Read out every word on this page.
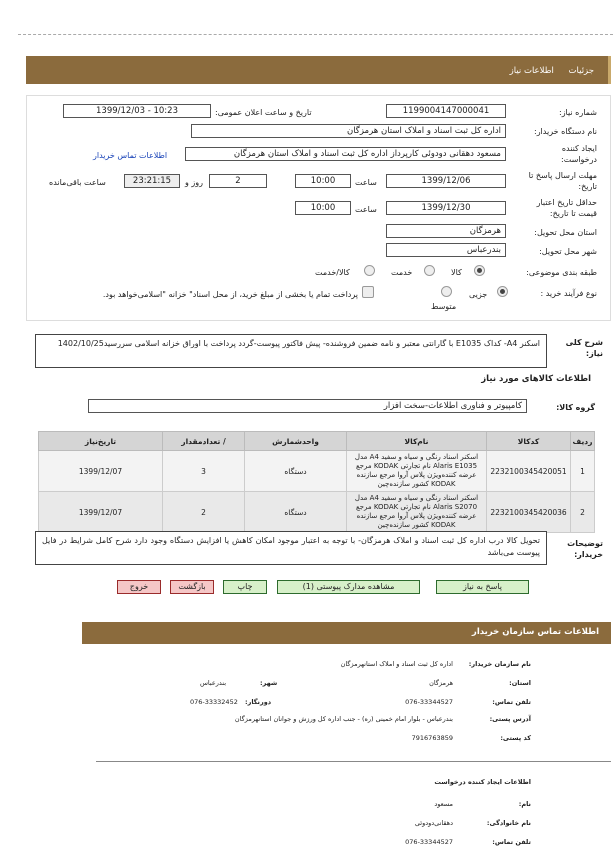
جزئیات اطلاعات نیاز
شماره نیاز:
1199004147000041
تاریخ و ساعت اعلان عمومی:
1399/12/03 - 10:23
نام دستگاه خریدار:
اداره کل ثبت اسناد و املاک استان هرمزگان
ایجاد کننده درخواست:
مسعود دهقانی دودوئی کارپرداز اداره کل ثبت اسناد و املاک استان هرمزگان
اطلاعات تماس خریدار
مهلت ارسال پاسخ تا تاریخ:
1399/12/06
ساعت
10:00
2
روز و
23:21:15
ساعت باقی‌مانده
حداقل تاریخ اعتبار قیمت تا تاریخ:
1399/12/30
ساعت
10:00
استان محل تحویل:
هرمزگان
شهر محل تحویل:
بندرعباس
طبقه بندی موضوعی:
کالا
خدمت
کالا/خدمت
نوع فرآیند خرید :
جزیی
متوسط
پرداخت تمام یا بخشی از مبلغ خرید، از محل اسناد" خزانه "اسلامی‌خواهد بود.
شرح کلی نیاز:
اسکنر A4- کداک E1035 با گارانتی معتبر و نامه ضمین فروشنده- پیش فاکتور پیوست-گردد پرداخت با اوراق خزانه اسلامی سررسید1402/10/25
اطلاعات کالاهای مورد نیاز
گروه کالا:
کامپیوتر و فناوری اطلاعات-سخت افزار
ردیف	کدکالا	نام‌کالا	واحدشمارش	/ تعدادمقدار	تاریخ‌نیاز
1	2232100345420051	اسکنر اسناد رنگی و سیاه و سفید A4 مدل Alaris E1035 نام تجارتی KODAK مرجع عرضه کننده‌ویژن پلاس آروا مرجع سازنده KODAK کشور سازنده‌چین	دستگاه	3	1399/12/07
2	2232100345420036	اسکنر اسناد رنگی و سیاه و سفید A4 مدل Alaris S2070 نام تجارتی KODAK مرجع عرضه کننده‌ویژن پلاس آروا مرجع سازنده KODAK کشور سازنده‌چین	دستگاه	2	1399/12/07
توضیحات خریدار:
تحویل کالا درب اداره کل ثبت اسناد و املاک هرمزگان- با توجه به اعتبار موجود امکان کاهش یا افزایش دستگاه وجود دارد شرح کامل شرایط در فایل پیوست می‌باشد
پاسخ به نیاز
مشاهده مدارک پیوستی (1)
چاپ
بازگشت
خروج
اطلاعات تماس سازمان خریدار
نام سازمان خریدار:
اداره کل ثبت اسناد و املاک استانهرمزگان
استان:
هرمزگان
شهر:
بندرعباس
تلفن تماس:
076-33344527
دورنگار:
076-33332452
آدرس پستی:
بندرعباس - بلوار امام خمینی (ره) - جنب اداره کل ورزش و جوانان استانهرمزگان
کد پستی:
7916763859
اطلاعات ایجاد کننده درخواست
نام:
مسعود
نام خانوادگی:
دهقانی‌دودوئی
تلفن تماس:
076-33344527
